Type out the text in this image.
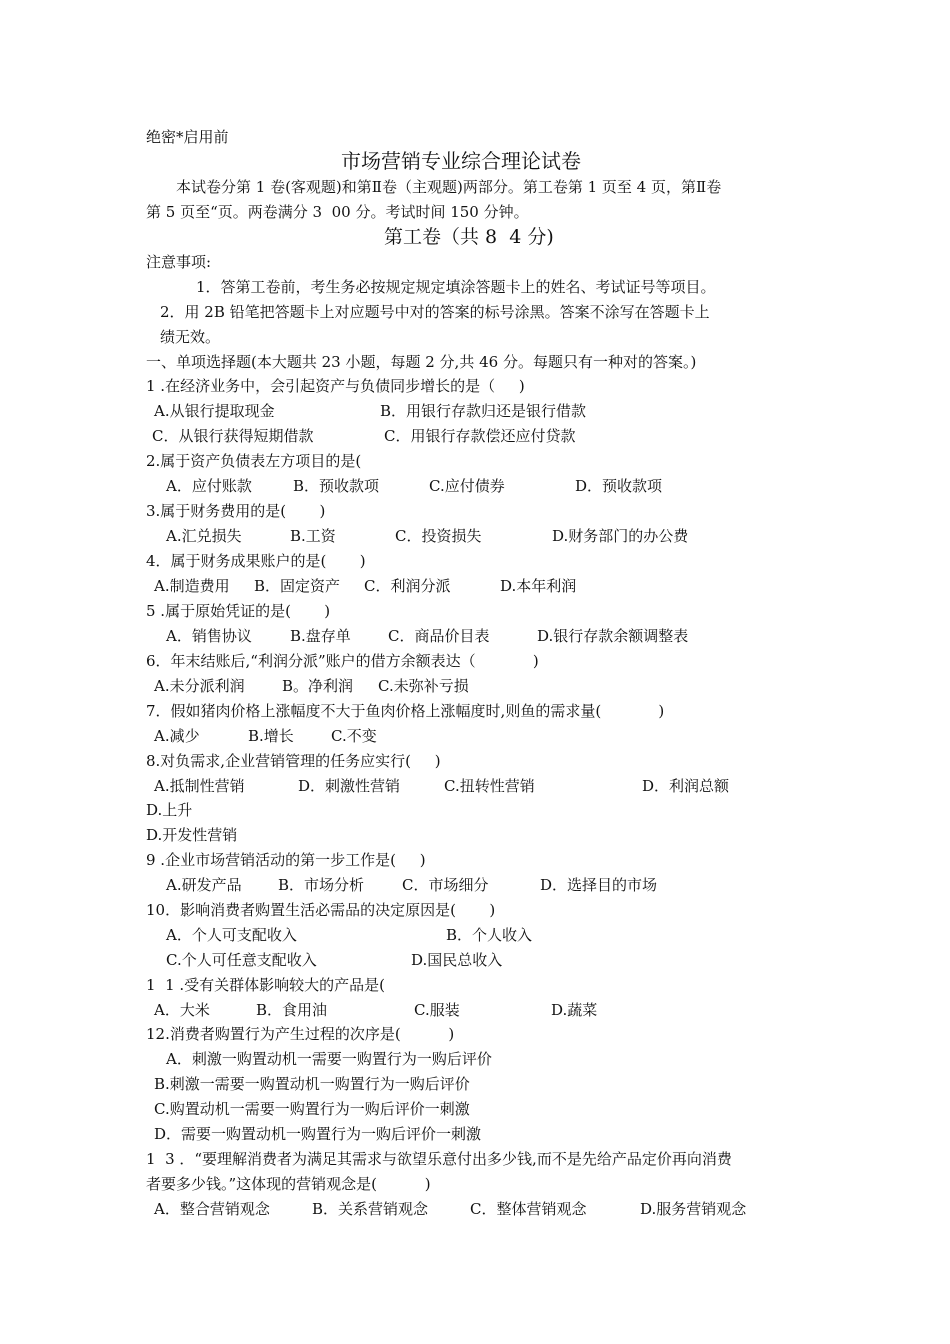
绝密*启用前
市场营销专业综合理论试卷
本试卷分第 1 卷(客观题)和第Ⅱ卷（主观题)两部分。第工卷第 1 页至 4 页，第Ⅱ卷
第 5 页至“页。两卷满分 3  00 分。考试时间 150 分钟。
第工卷（共 8  4 分)
注意事项:
1．答第工卷前，考生务必按规定规定填涂答题卡上的姓名、考试证号等项目。
2．用 2B 铅笔把答题卡上对应题号中对的答案的标号涂黑。答案不涂写在答题卡上
绩无效。
一、单项选择题(本大题共 23 小题，每题 2 分,共 46 分。每题只有一种对的答案。)
1 .在经济业务中，会引起资产与负债同步增长的是（     )
A.从银行提取现金	B．用银行存款归还是银行借款
C．从银行获得短期借款	C．用银行存款偿还应付贷款
2.属于资产负债表左方项目的是(
A．应付账款	B．预收款项	C.应付债券	D．预收款项
3.属于财务费用的是(       )
A.汇兑损失	B.工资	C．投资损失	D.财务部门的办公费
4．属于财务成果账户的是(       )
A.制造费用 B．固定资产 C．利润分派	D.本年利润
5 .属于原始凭证的是(       )
A．销售协议	B.盘存单 C．商品价目表	D.银行存款余额调整表
6．年末结账后,“利润分派”账户的借方余额表达（            )
A.未分派利润 B。净利润 C.未弥补亏损
7．假如猪肉价格上涨幅度不大于鱼肉价格上涨幅度时,则鱼的需求量(            )
A.减少	B.增长 C.不变
8.对负需求,企业营销管理的任务应实行(     )
A.抵制性营销	D．刺激性营销	C.扭转性营销	D．利润总额
D.上升
D.开发性营销
9 .企业市场营销活动的第一步工作是(     )
A.研发产品 B．市场分析	C．市场细分	D．选择目的市场
10．影响消费者购置生活必需品的决定原因是(       )
A．个人可支配收入	B．个人收入
C.个人可任意支配收入	D.国民总收入
1  1 .受有关群体影响较大的产品是(
A．大米	B．食用油	C.服装	D.蔬菜
12.消费者购置行为产生过程的次序是(          )
A．刺激一购置动机一需要一购置行为一购后评价
B.刺激一需要一购置动机一购置行为一购后评价
C.购置动机一需要一购置行为一购后评价一刺激
D．需要一购置动机一购置行为一购后评价一刺激
1  3 ．“要理解消费者为满足其需求与欲望乐意付出多少钱,而不是先给产品定价再向消费
者要多少钱。”这体现的营销观念是(          )
A．整合营销观念	B．关系营销观念	C．整体营销观念	D.服务营销观念
